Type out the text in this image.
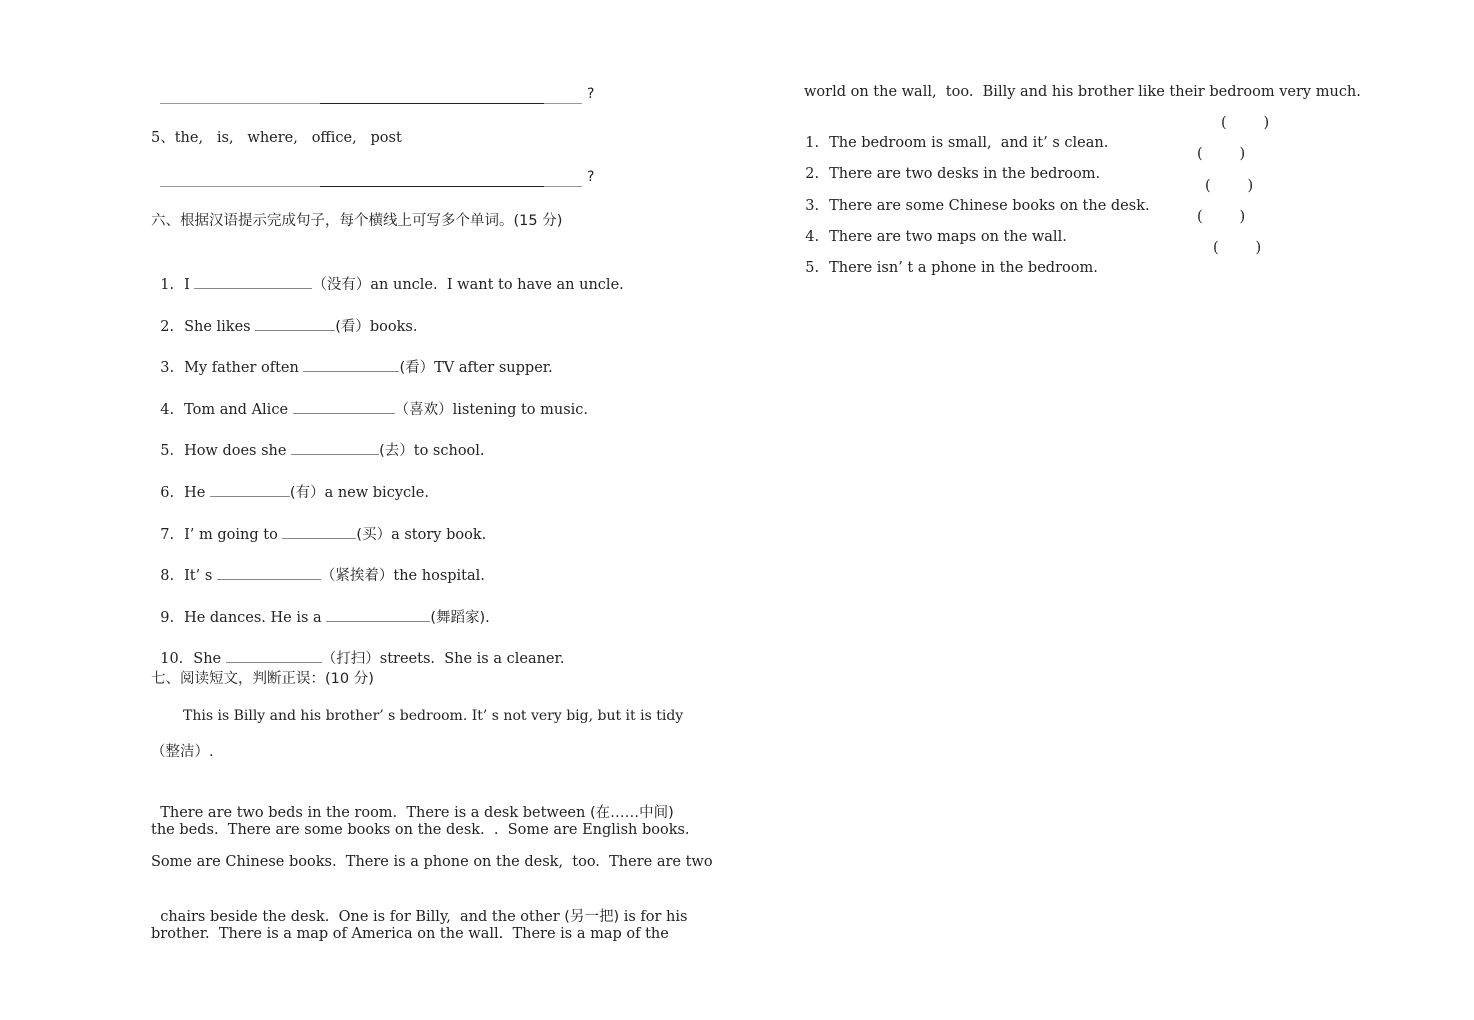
?
5、the,   is,   where,   office,   post
?
六、根据汉语提示完成句子，每个横线上可写多个单词。(15 分)

1. I	（没有）an uncle.  I want to have an uncle.

2. She likes	(看）books.

3. My father often	(看）TV after supper.

4. Tom and Alice	（喜欢）listening to music.

5. How does she	(去）to school.

6. He	(有）a new bicycle.

7. I’ m going to	(买）a story book.

8. It’ s	（紧挨着）the hospital.

9. He dances. He is a	(舞蹈家).

10. She	（打扫）streets.  She is a cleaner.

七、阅读短文，判断正误：(10 分)
This is Billy and his brother’ s bedroom. It’ s not very big, but it is tidy
（整洁）.

There are two beds in the room.  There is a desk between (在……中间)

the beds.  There are some books on the desk.  .  Some are English books.
Some are Chinese books.  There is a phone on the desk,  too.  There are two

chairs beside the desk.  One is for Billy,  and the other (另一把) is for his

brother.  There is a map of America on the wall.  There is a map of the
world on the wall,  too.  Billy and his brother like their bedroom very much.

1. The bedroom is small,  and it’ s clean.

(        )

2. There are two desks in the bedroom.

(        )

3. There are some Chinese books on the desk.

(        )

4. There are two maps on the wall.

(        )

5. There isn’ t a phone in the bedroom.

(        )
